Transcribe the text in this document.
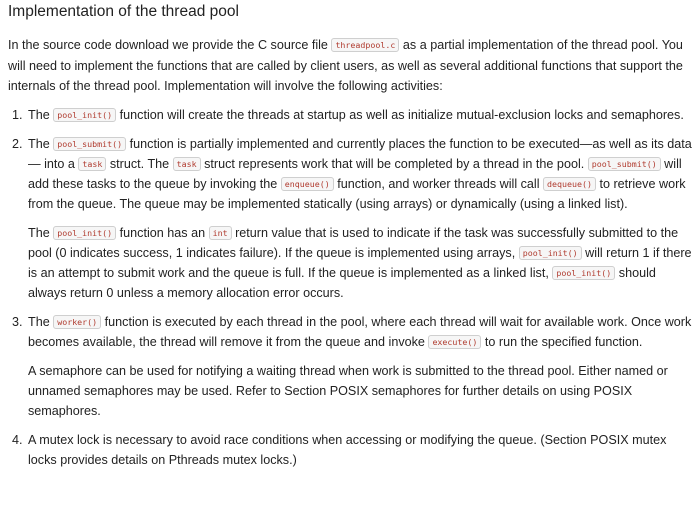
Implementation of the thread pool

In the source code download we provide the C source file threadpool.c as a partial implementation of the thread pool. You will need to implement the functions that are called by client users, as well as several additional functions that support the internals of the thread pool. Implementation will involve the following activities:

1. The pool_init() function will create the threads at startup as well as initialize mutual-exclusion locks and semaphores.
2. The pool_submit() function is partially implemented and currently places the function to be executed—as well as its data— into a task struct. The task struct represents work that will be completed by a thread in the pool. pool_submit() will add these tasks to the queue by invoking the enqueue() function, and worker threads will call dequeue() to retrieve work from the queue. The queue may be implemented statically (using arrays) or dynamically (using a linked list).
The pool_init() function has an int return value that is used to indicate if the task was successfully submitted to the pool (0 indicates success, 1 indicates failure). If the queue is implemented using arrays, pool_init() will return 1 if there is an attempt to submit work and the queue is full. If the queue is implemented as a linked list, pool_init() should always return 0 unless a memory allocation error occurs.
3. The worker() function is executed by each thread in the pool, where each thread will wait for available work. Once work becomes available, the thread will remove it from the queue and invoke execute() to run the specified function.
A semaphore can be used for notifying a waiting thread when work is submitted to the thread pool. Either named or unnamed semaphores may be used. Refer to Section POSIX semaphores for further details on using POSIX semaphores.
4. A mutex lock is necessary to avoid race conditions when accessing or modifying the queue. (Section POSIX mutex locks provides details on Pthreads mutex locks.)
